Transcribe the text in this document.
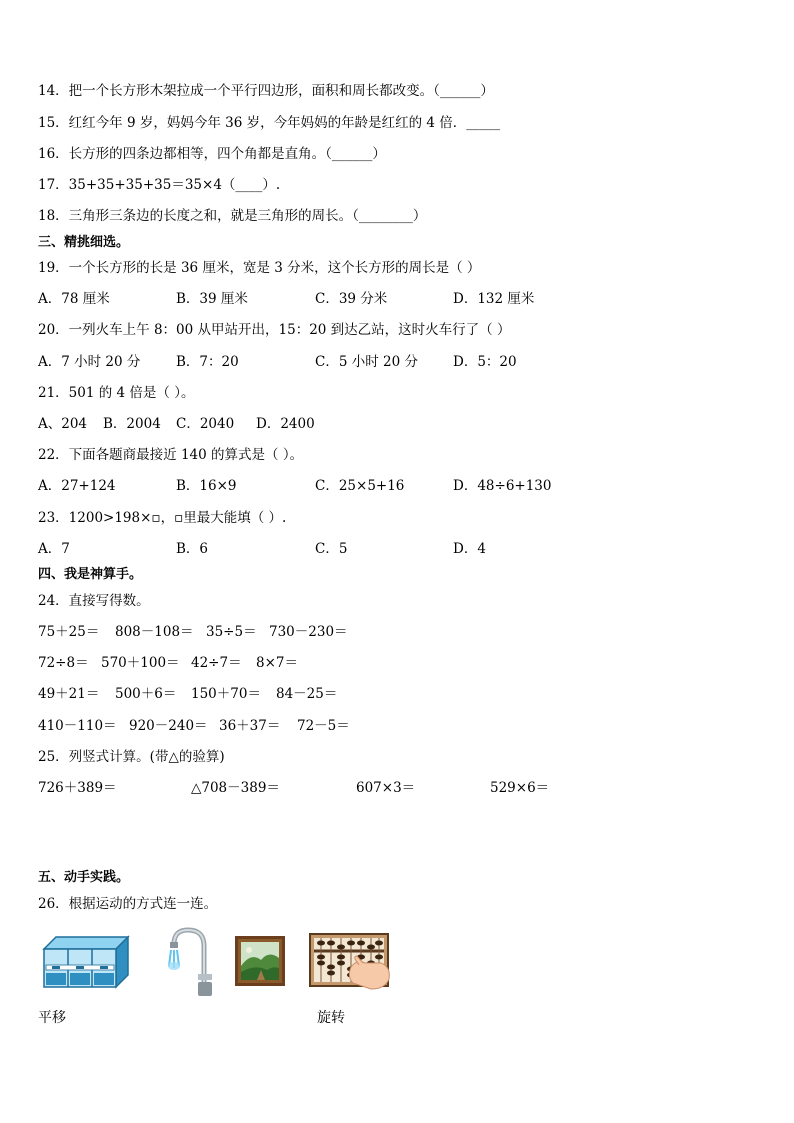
14．把一个长方形木架拉成一个平行四边形，面积和周长都改变。（______）
15．红红今年 9 岁，妈妈今年 36 岁，今年妈妈的年龄是红红的 4 倍．_____
16．长方形的四条边都相等，四个角都是直角。（______）
17．35+35+35+35＝35×4（____）.
18．三角形三条边的长度之和，就是三角形的周长。（________）
三、精挑细选。
19．一个长方形的长是 36 厘米，宽是 3 分米，这个长方形的周长是（ ）
A．78 厘米	B．39 厘米	C．39 分米	D．132 厘米
20．一列火车上午 8：00 从甲站开出，15：20 到达乙站，这时火车行了（ ）
A．7 小时 20 分	B．7：20	C．5 小时 20 分	D．5：20
21．501 的 4 倍是（ ）。
A、204 B．2004 C．2040 D．2400
22．下面各题商最接近 140 的算式是（ ）。
A．27+124	B．16×9	C．25×5+16	D．48÷6+130
23．1200>198×▫，▫里最大能填（ ）.
A．7	B．6	C．5	D．4
四、我是神算手。
24．直接写得数。
75＋25＝ 808－108＝ 35÷5＝ 730－230＝
72÷8＝ 570＋100＝ 42÷7＝ 8×7＝
49＋21＝ 500＋6＝ 150＋70＝ 84－25＝
410－110＝ 920－240＝ 36＋37＝ 72－5＝
25．列竖式计算。(带△的验算)
726＋389＝	△708－389＝	607×3＝	529×6＝
五、动手实践。
26．根据运动的方式连一连。
平移	旋转
